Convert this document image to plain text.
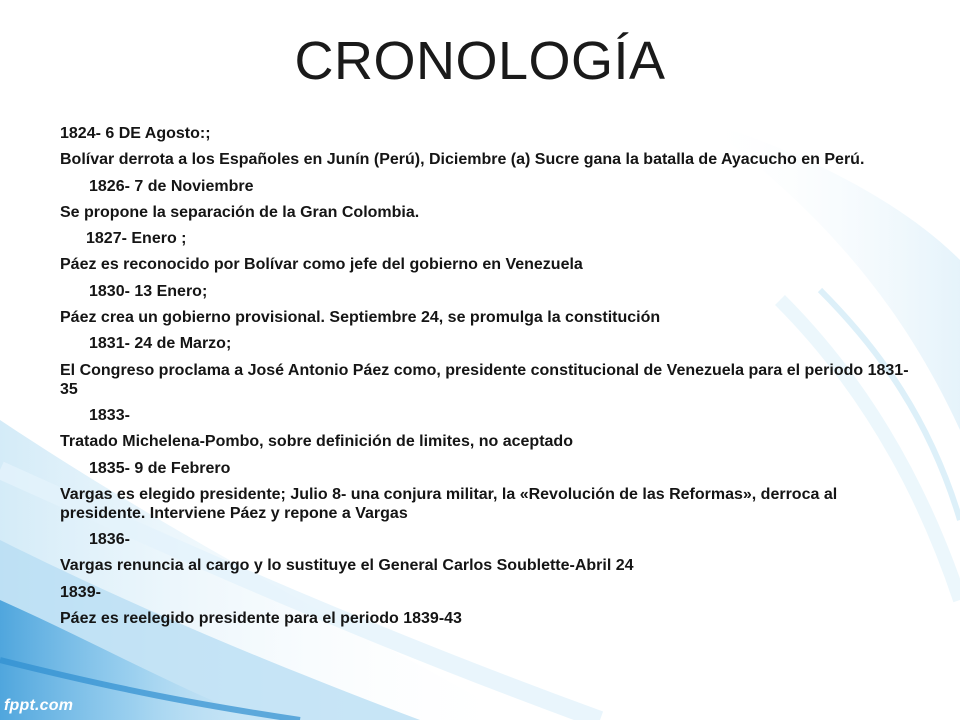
CRONOLOGÍA

1824- 6 DE Agosto:;

Bolívar derrota a los Españoles en Junín (Perú), Diciembre (a) Sucre gana la batalla de Ayacucho en Perú.

1826- 7 de Noviembre

Se propone la separación de la Gran Colombia.

1827- Enero ;

Páez es reconocido por Bolívar como jefe del gobierno en Venezuela

1830- 13 Enero;

Páez crea un gobierno provisional. Septiembre 24, se promulga la constitución

1831- 24 de Marzo;

El Congreso proclama a José Antonio Páez como, presidente constitucional de Venezuela para el periodo 1831-35

1833-

Tratado Michelena-Pombo, sobre definición de limites, no aceptado

1835- 9 de Febrero

Vargas es elegido presidente; Julio 8- una conjura militar, la «Revolución de las Reformas», derroca al presidente. Interviene Páez y repone a Vargas

1836-

Vargas renuncia al cargo y lo sustituye el General Carlos Soublette-Abril 24

1839-

Páez es reelegido presidente para el periodo 1839-43

fppt.com
